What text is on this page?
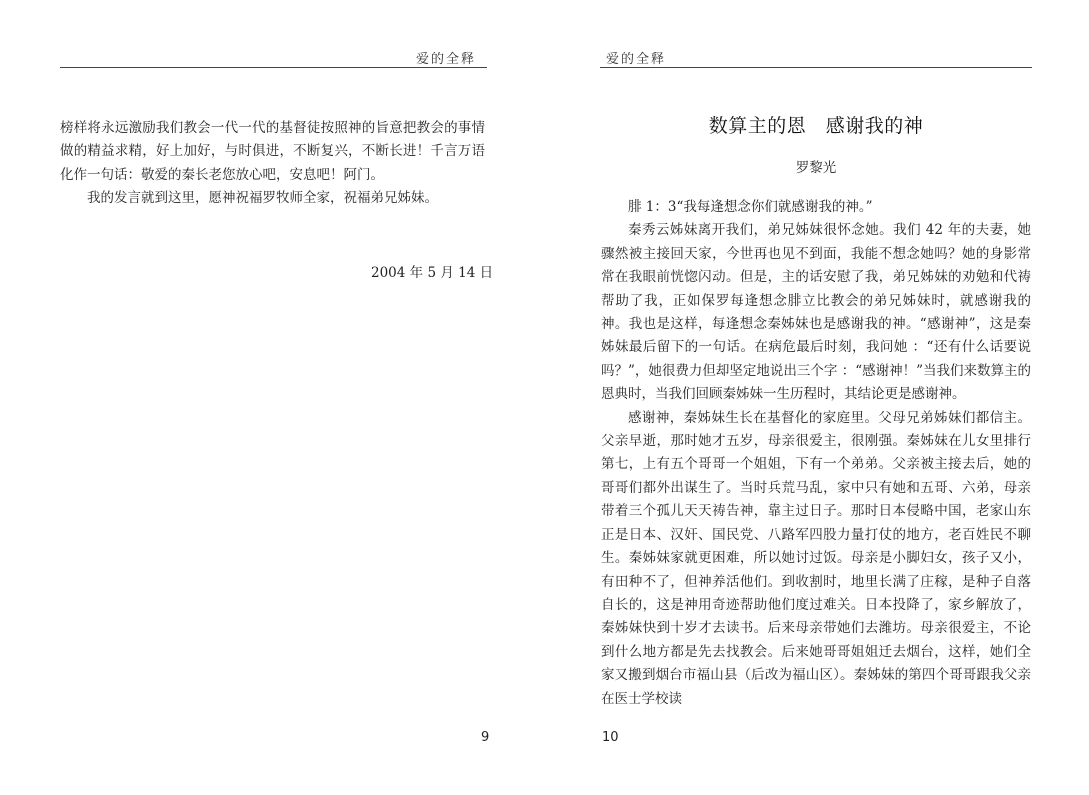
爱的全释

榜样将永远激励我们教会一代一代的基督徒按照神的旨意把教会的事情做的精益求精，好上加好，与时俱进，不断复兴，不断长进！千言万语化作一句话：敬爱的秦长老您放心吧，安息吧！阿门。

我的发言就到这里，愿神祝福罗牧师全家，祝福弟兄姊妹。

2004 年 5 月 14 日
9
爱的全释
数算主的恩　感谢我的神
罗黎光

腓 1：3“我每逢想念你们就感谢我的神。”

秦秀云姊妹离开我们，弟兄姊妹很怀念她。我们 42 年的夫妻，她骤然被主接回天家，今世再也见不到面，我能不想念她吗？她的身影常常在我眼前恍惚闪动。但是，主的话安慰了我，弟兄姊妹的劝勉和代祷帮助了我，正如保罗每逢想念腓立比教会的弟兄姊妹时，就感谢我的神。我也是这样，每逢想念秦姊妹也是感谢我的神。“感谢神”，这是秦姊妹最后留下的一句话。在病危最后时刻，我问她 ：“还有什么话要说吗？”，她很费力但却坚定地说出三个字 ：“感谢神！”当我们来数算主的恩典时，当我们回顾秦姊妹一生历程时，其结论更是感谢神。

感谢神，秦姊妹生长在基督化的家庭里。父母兄弟姊妹们都信主。父亲早逝，那时她才五岁，母亲很爱主，很刚强。秦姊妹在儿女里排行第七，上有五个哥哥一个姐姐，下有一个弟弟。父亲被主接去后，她的哥哥们都外出谋生了。当时兵荒马乱，家中只有她和五哥、六弟，母亲带着三个孤儿天天祷告神，靠主过日子。那时日本侵略中国，老家山东正是日本、汉奸、国民党、八路军四股力量打仗的地方，老百姓民不聊生。秦姊妹家就更困难，所以她讨过饭。母亲是小脚妇女，孩子又小，有田种不了，但神养活他们。到收割时，地里长满了庄稼，是种子自落自长的，这是神用奇迹帮助他们度过难关。日本投降了，家乡解放了，秦姊妹快到十岁才去读书。后来母亲带她们去潍坊。母亲很爱主，不论到什么地方都是先去找教会。后来她哥哥姐姐迁去烟台，这样，她们全家又搬到烟台市福山县（后改为福山区）。秦姊妹的第四个哥哥跟我父亲在医士学校读

10
